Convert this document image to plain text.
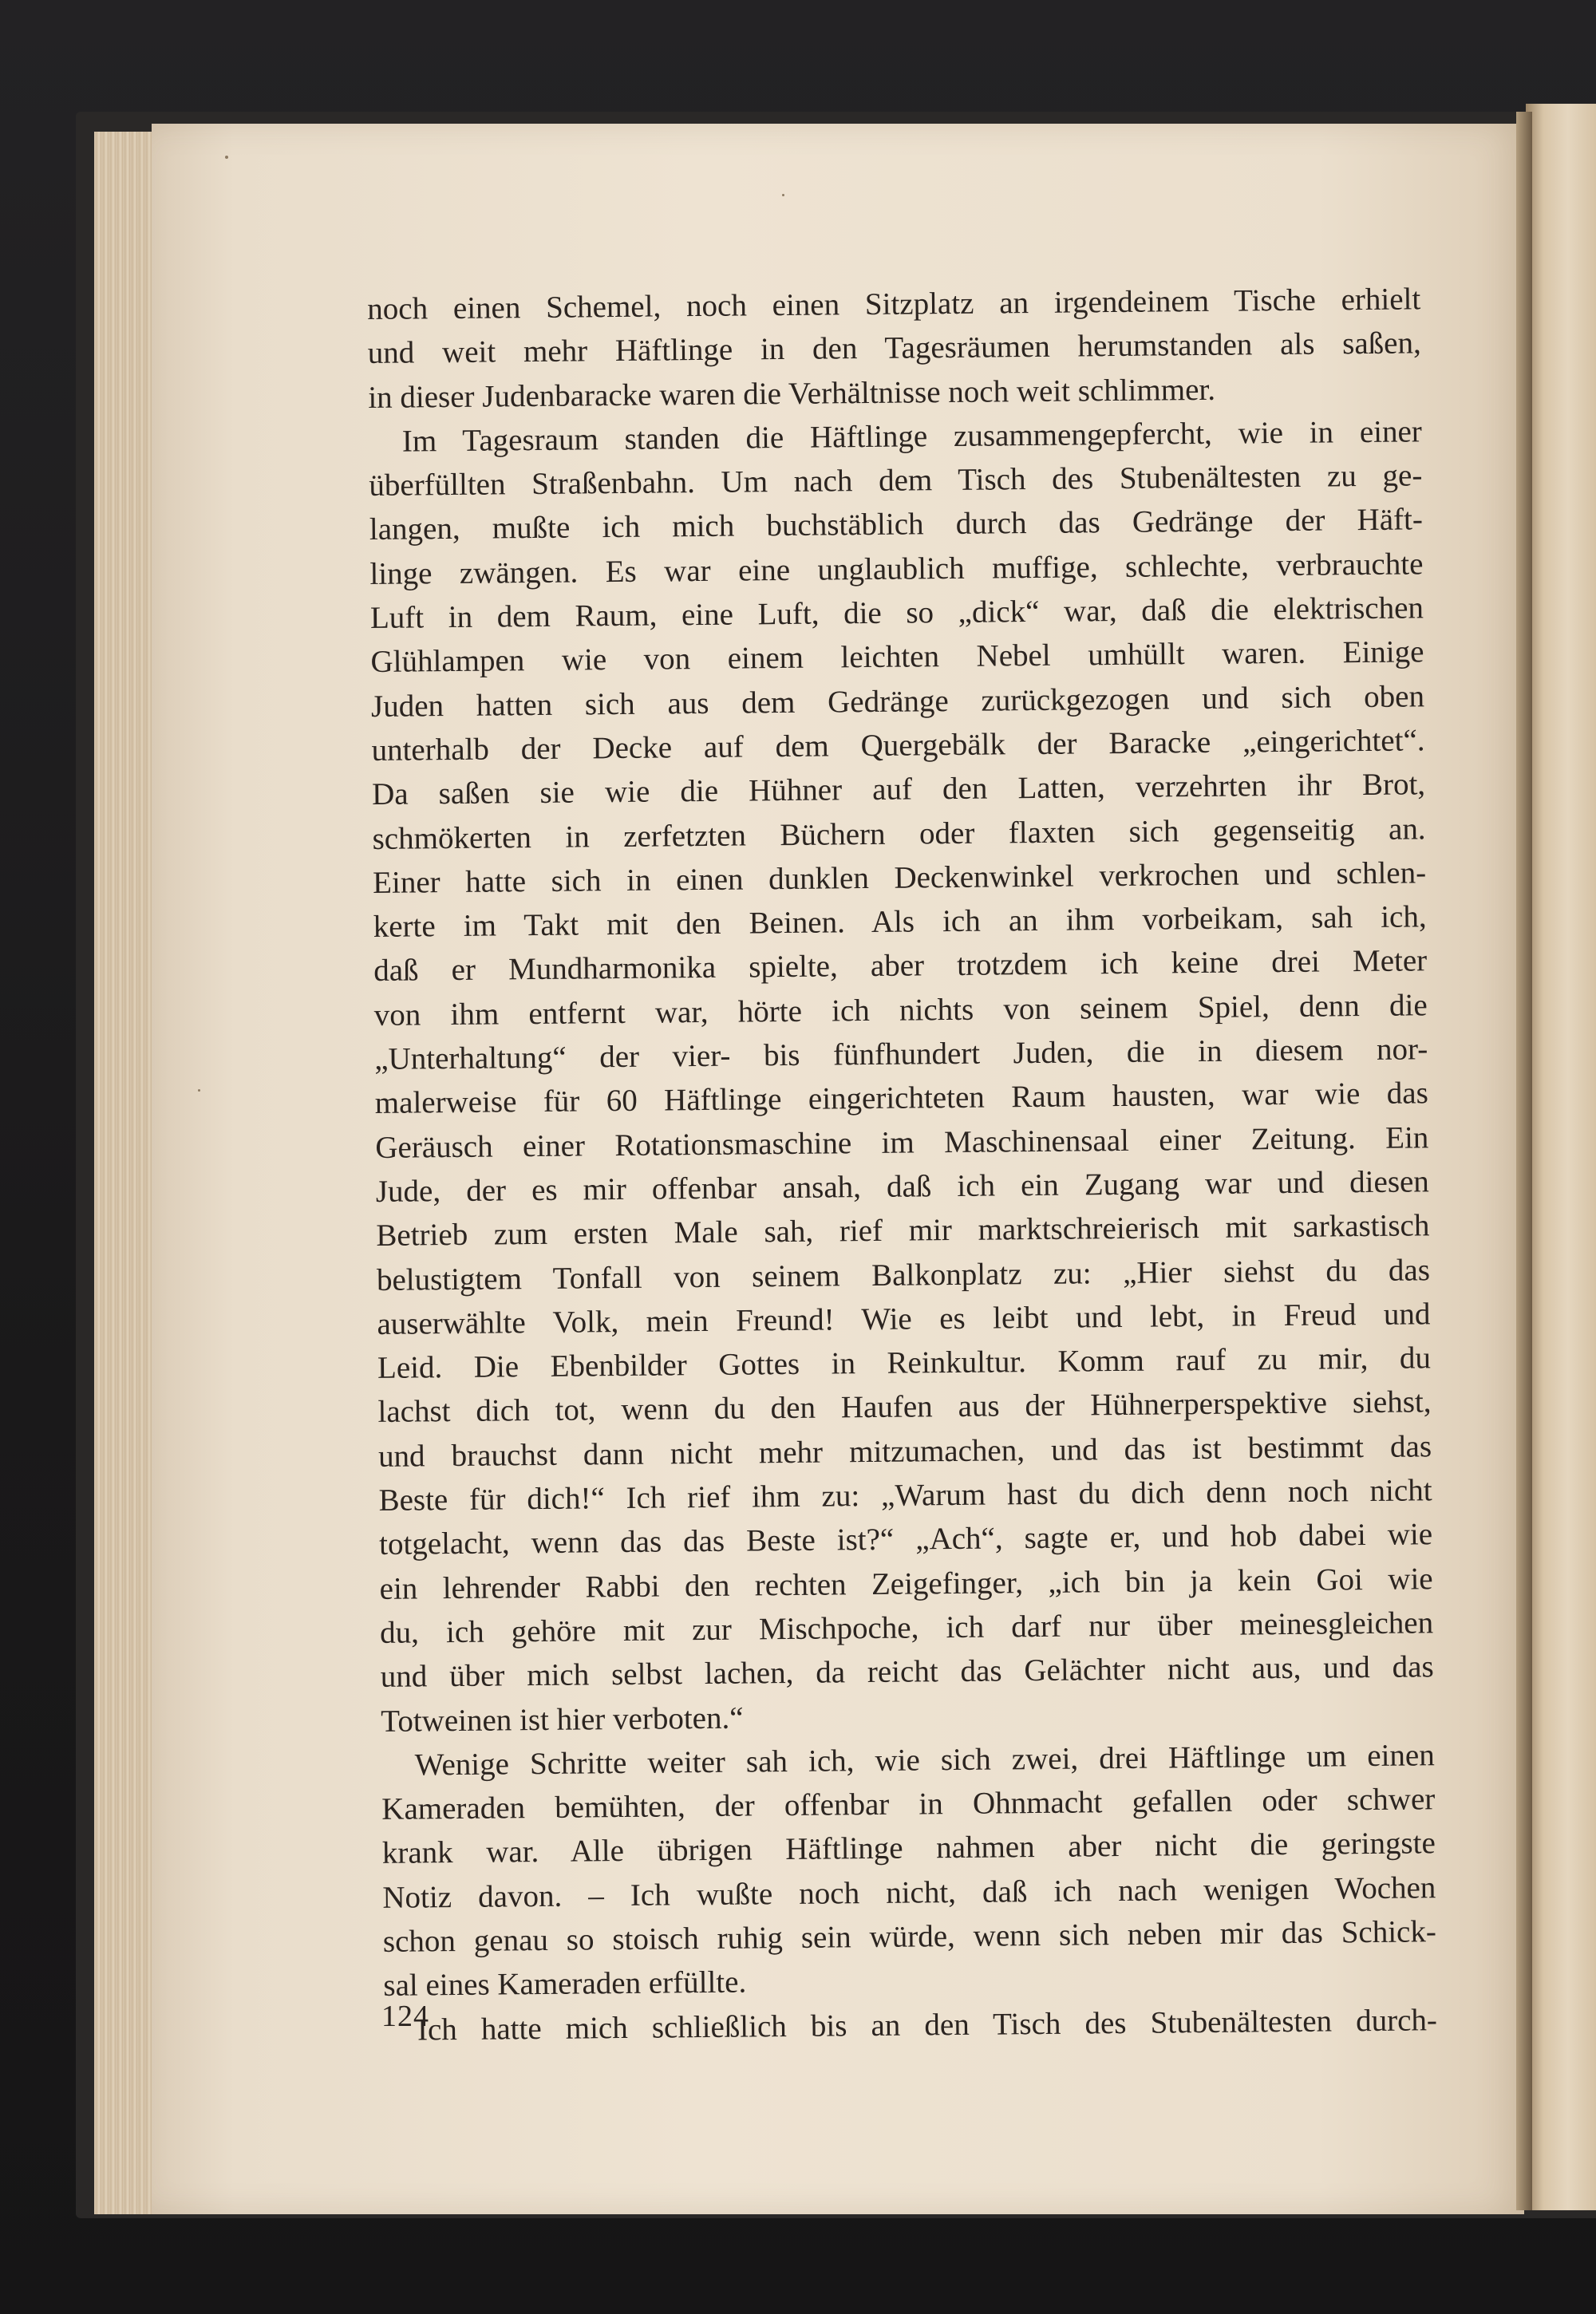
noch einen Schemel, noch einen Sitzplatz an irgendeinem Tische erhielt
und weit mehr Häftlinge in den Tagesräumen herumstanden als saßen,
in dieser Judenbaracke waren die Verhältnisse noch weit schlimmer.
Im Tagesraum standen die Häftlinge zusammengepfercht, wie in einer
überfüllten Straßenbahn. Um nach dem Tisch des Stubenältesten zu ge-
langen, mußte ich mich buchstäblich durch das Gedränge der Häft-
linge zwängen. Es war eine unglaublich muffige, schlechte, verbrauchte
Luft in dem Raum, eine Luft, die so „dick“ war, daß die elektrischen
Glühlampen wie von einem leichten Nebel umhüllt waren. Einige
Juden hatten sich aus dem Gedränge zurückgezogen und sich oben
unterhalb der Decke auf dem Quergebälk der Baracke „eingerichtet“.
Da saßen sie wie die Hühner auf den Latten, verzehrten ihr Brot,
schmökerten in zerfetzten Büchern oder flaxten sich gegenseitig an.
Einer hatte sich in einen dunklen Deckenwinkel verkrochen und schlen-
kerte im Takt mit den Beinen. Als ich an ihm vorbeikam, sah ich,
daß er Mundharmonika spielte, aber trotzdem ich keine drei Meter
von ihm entfernt war, hörte ich nichts von seinem Spiel, denn die
„Unterhaltung“ der vier- bis fünfhundert Juden, die in diesem nor-
malerweise für 60 Häftlinge eingerichteten Raum hausten, war wie das
Geräusch einer Rotationsmaschine im Maschinensaal einer Zeitung. Ein
Jude, der es mir offenbar ansah, daß ich ein Zugang war und diesen
Betrieb zum ersten Male sah, rief mir marktschreierisch mit sarkastisch
belustigtem Tonfall von seinem Balkonplatz zu: „Hier siehst du das
auserwählte Volk, mein Freund! Wie es leibt und lebt, in Freud und
Leid. Die Ebenbilder Gottes in Reinkultur. Komm rauf zu mir, du
lachst dich tot, wenn du den Haufen aus der Hühnerperspektive siehst,
und brauchst dann nicht mehr mitzumachen, und das ist bestimmt das
Beste für dich!“ Ich rief ihm zu: „Warum hast du dich denn noch nicht
totgelacht, wenn das das Beste ist?“ „Ach“, sagte er, und hob dabei wie
ein lehrender Rabbi den rechten Zeigefinger, „ich bin ja kein Goi wie
du, ich gehöre mit zur Mischpoche, ich darf nur über meinesgleichen
und über mich selbst lachen, da reicht das Gelächter nicht aus, und das
Totweinen ist hier verboten.“
Wenige Schritte weiter sah ich, wie sich zwei, drei Häftlinge um einen
Kameraden bemühten, der offenbar in Ohnmacht gefallen oder schwer
krank war. Alle übrigen Häftlinge nahmen aber nicht die geringste
Notiz davon. – Ich wußte noch nicht, daß ich nach wenigen Wochen
schon genau so stoisch ruhig sein würde, wenn sich neben mir das Schick-
sal eines Kameraden erfüllte.
Ich hatte mich schließlich bis an den Tisch des Stubenältesten durch-
124
